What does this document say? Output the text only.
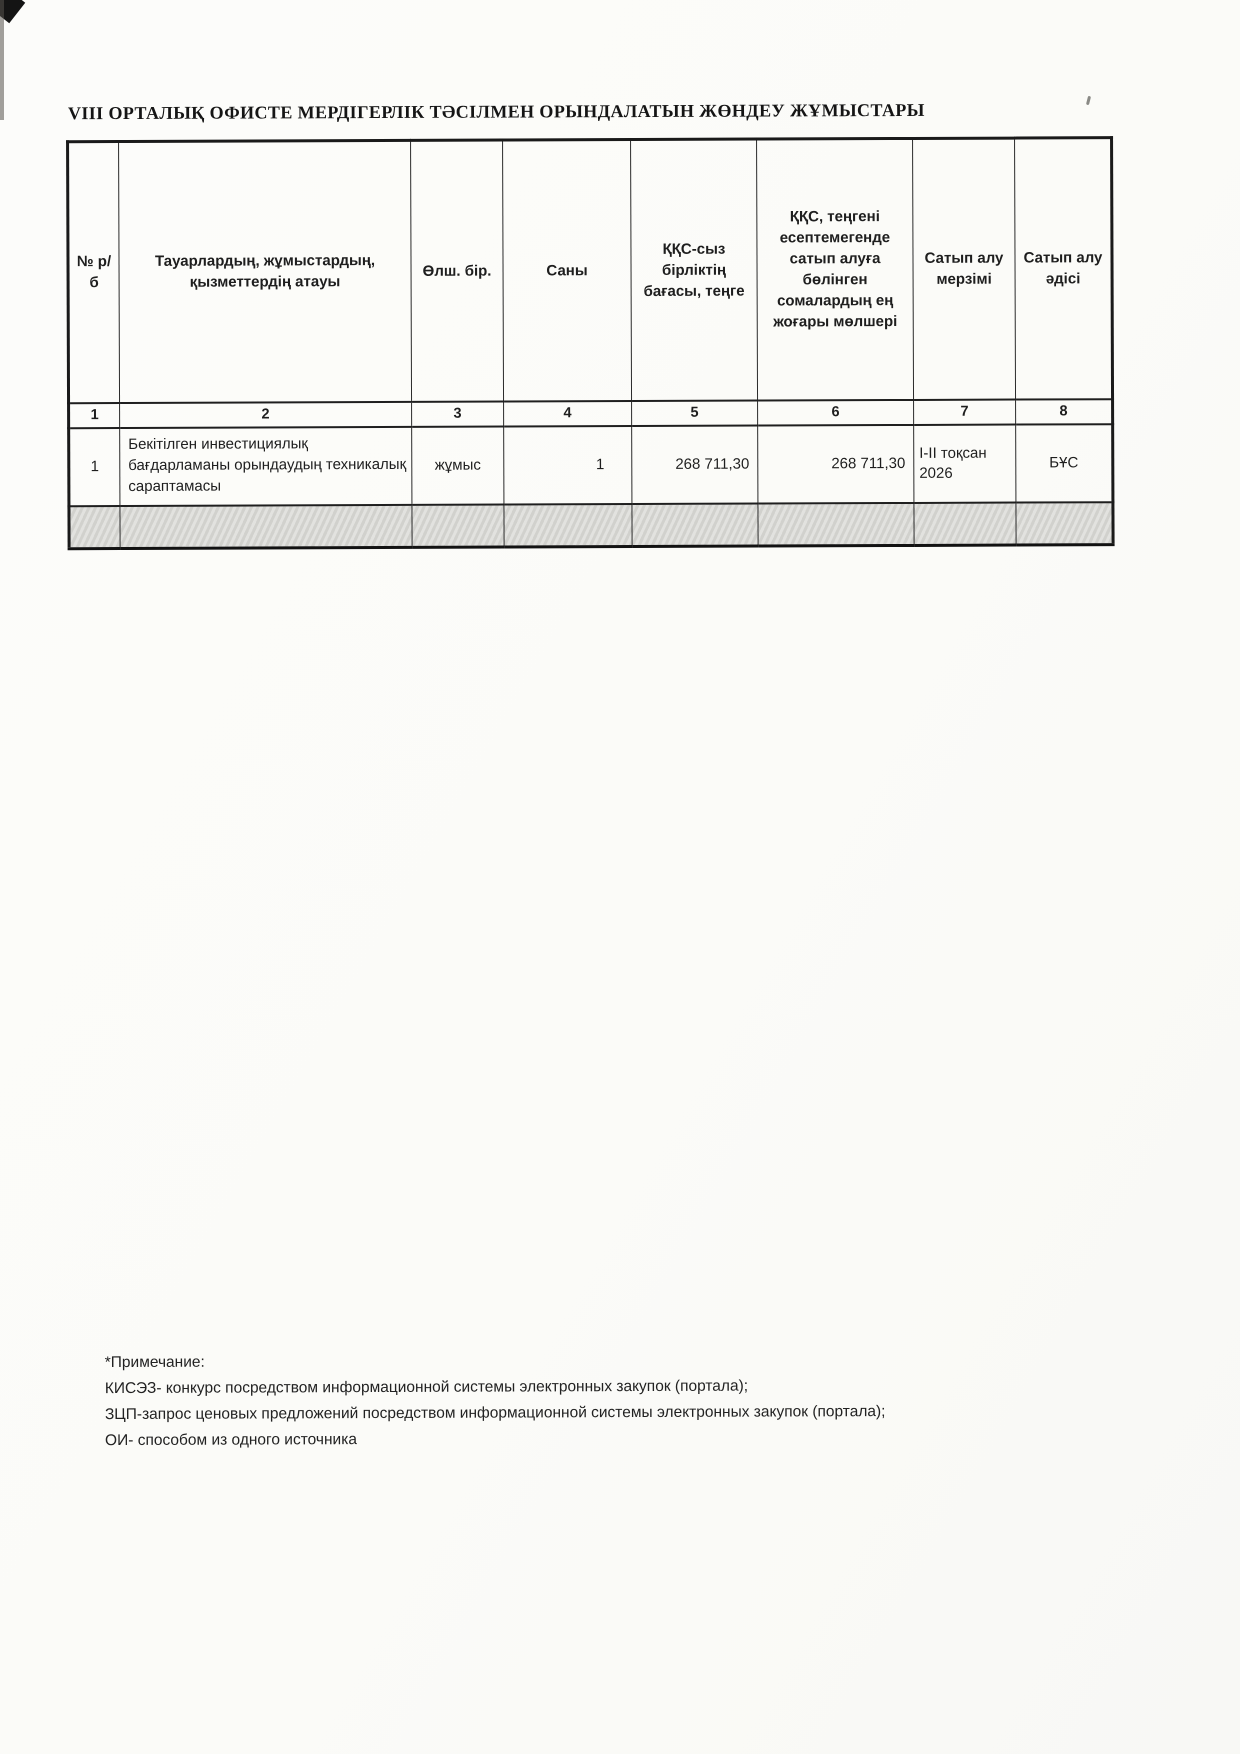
VIII ОРТАЛЫҚ ОФИСТЕ МЕРДІГЕРЛІК ТӘСІЛМЕН ОРЫНДАЛАТЫН ЖӨНДЕУ ЖҰМЫСТАРЫ
№ р/б	Тауарлардың, жұмыстардың, қызметтердің атауы	Өлш. бір.	Саны	ҚҚС-сыз бірліктің бағасы, теңге	ҚҚС, теңгені есептемегенде сатып алуға бөлінген сомалардың ең жоғары мөлшері	Сатып алу мерзімі	Сатып алу әдісі
1	2	3	4	5	6	7	8
1	Бекітілген инвестициялық бағдарламаны орындаудың техникалық сараптамасы	жұмыс	1	268 711,30	268 711,30	I-II тоқсан 2026	БҰС

*Примечание:
КИСЭЗ- конкурс посредством информационной системы электронных закупок (портала);
ЗЦП-запрос ценовых предложений посредством информационной системы электронных закупок (портала);
ОИ- способом из одного источника
